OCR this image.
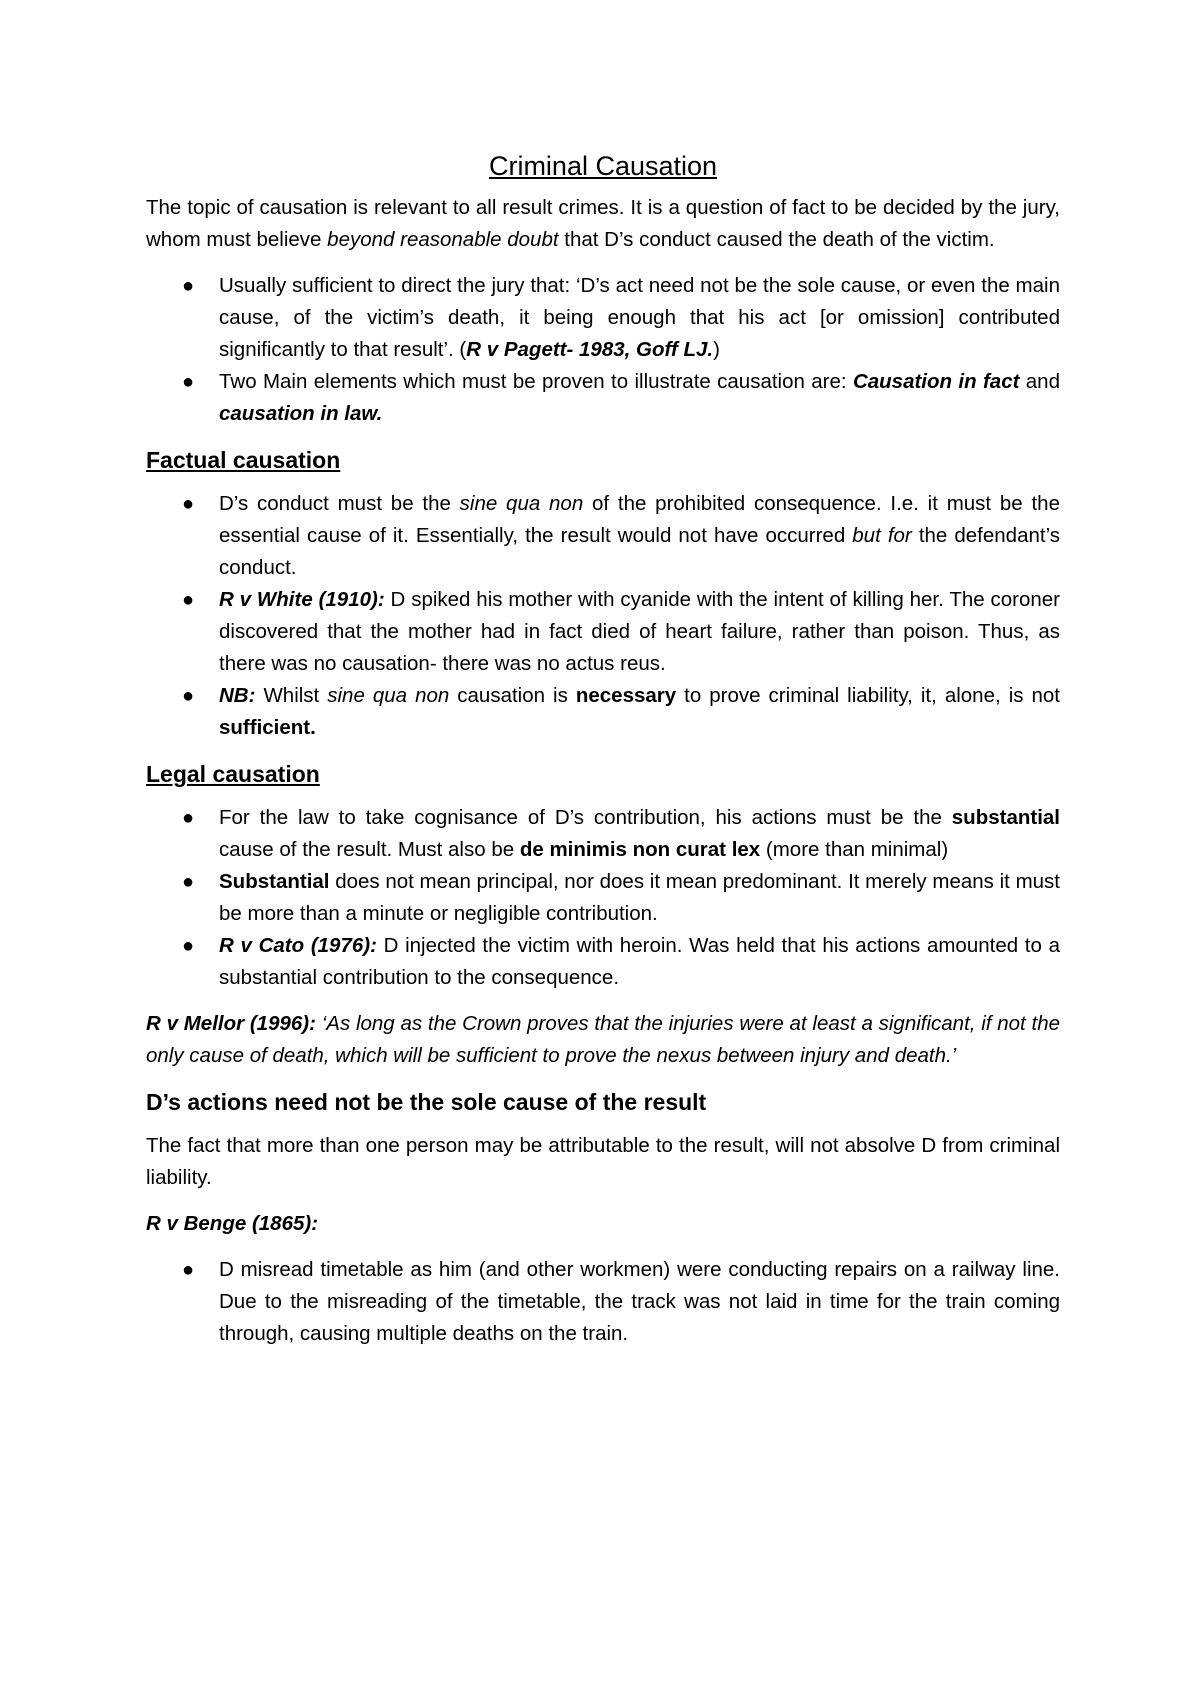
Criminal Causation

The topic of causation is relevant to all result crimes. It is a question of fact to be decided by the jury, whom must believe beyond reasonable doubt that D’s conduct caused the death of the victim.

● Usually sufficient to direct the jury that: ‘D’s act need not be the sole cause, or even the main cause, of the victim’s death, it being enough that his act [or omission] contributed significantly to that result’. (R v Pagett- 1983, Goff LJ.)
● Two Main elements which must be proven to illustrate causation are: Causation in fact and causation in law.
Factual causation
● D’s conduct must be the sine qua non of the prohibited consequence. I.e. it must be the essential cause of it. Essentially, the result would not have occurred but for the defendant’s conduct.
● R v White (1910): D spiked his mother with cyanide with the intent of killing her. The coroner discovered that the mother had in fact died of heart failure, rather than poison. Thus, as there was no causation- there was no actus reus.
● NB: Whilst sine qua non causation is necessary to prove criminal liability, it, alone, is not sufficient.
Legal causation
● For the law to take cognisance of D’s contribution, his actions must be the substantial cause of the result. Must also be de minimis non curat lex (more than minimal)
● Substantial does not mean principal, nor does it mean predominant. It merely means it must be more than a minute or negligible contribution.
● R v Cato (1976): D injected the victim with heroin. Was held that his actions amounted to a substantial contribution to the consequence.

R v Mellor (1996): ‘As long as the Crown proves that the injuries were at least a significant, if not the only cause of death, which will be sufficient to prove the nexus between injury and death.’

D’s actions need not be the sole cause of the result

The fact that more than one person may be attributable to the result, will not absolve D from criminal liability.

R v Benge (1865):

● D misread timetable as him (and other workmen) were conducting repairs on a railway line. Due to the misreading of the timetable, the track was not laid in time for the train coming through, causing multiple deaths on the train.
